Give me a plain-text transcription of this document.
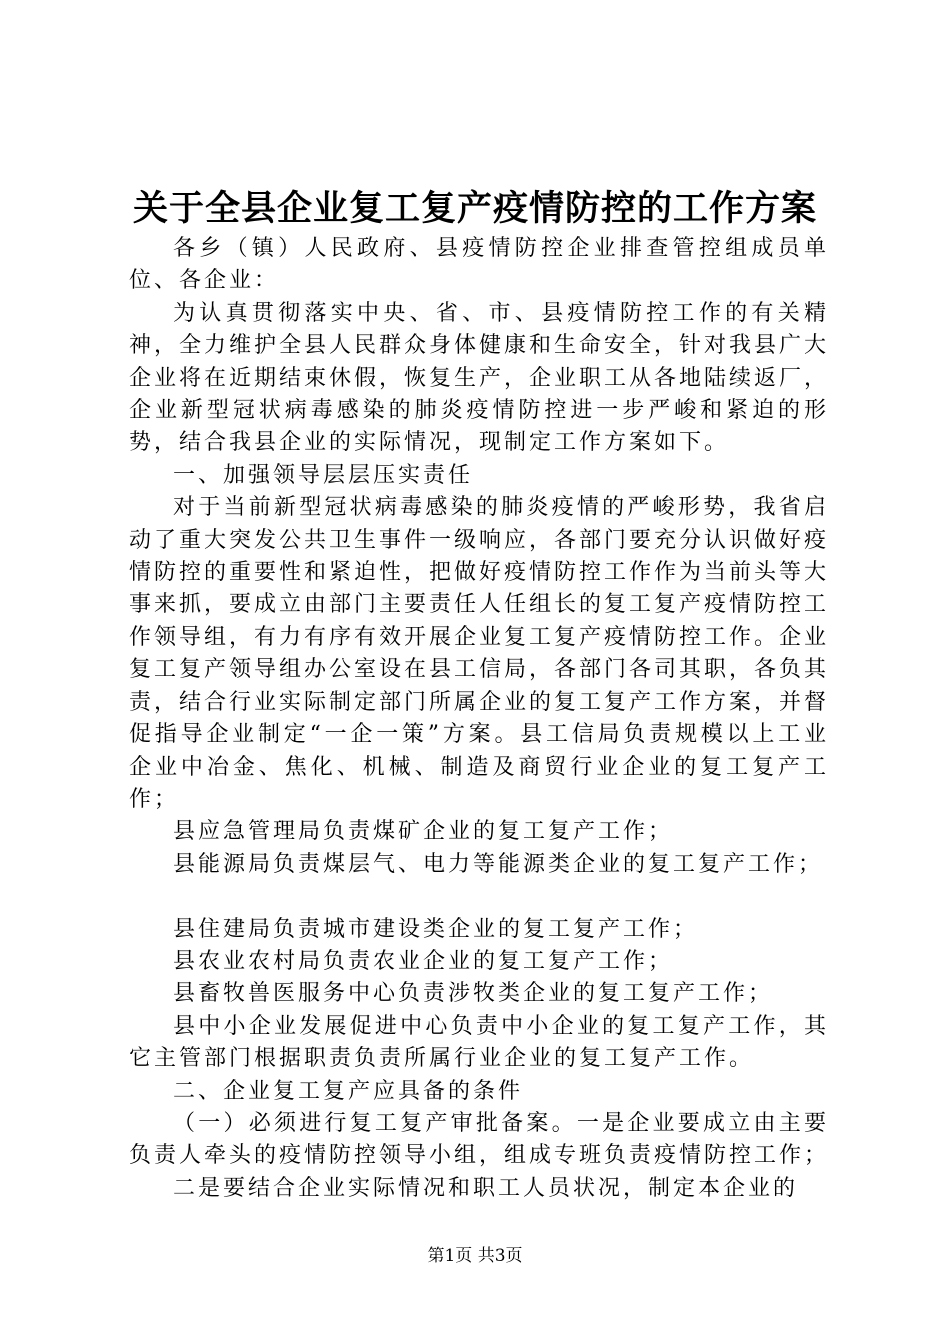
关于全县企业复工复产疫情防控的工作方案

各乡（镇）人民政府、县疫情防控企业排查管控组成员单位、各企业：

为认真贯彻落实中央、省、市、县疫情防控工作的有关精神，全力维护全县人民群众身体健康和生命安全，针对我县广大企业将在近期结束休假，恢复生产，企业职工从各地陆续返厂，企业新型冠状病毒感染的肺炎疫情防控进一步严峻和紧迫的形势，结合我县企业的实际情况，现制定工作方案如下。

一、加强领导层层压实责任

对于当前新型冠状病毒感染的肺炎疫情的严峻形势，我省启动了重大突发公共卫生事件一级响应，各部门要充分认识做好疫情防控的重要性和紧迫性，把做好疫情防控工作作为当前头等大事来抓，要成立由部门主要责任人任组长的复工复产疫情防控工作领导组，有力有序有效开展企业复工复产疫情防控工作。企业复工复产领导组办公室设在县工信局，各部门各司其职，各负其责，结合行业实际制定部门所属企业的复工复产工作方案，并督促指导企业制定“一企一策”方案。县工信局负责规模以上工业企业中冶金、焦化、机械、制造及商贸行业企业的复工复产工作；

县应急管理局负责煤矿企业的复工复产工作；

县能源局负责煤层气、电力等能源类企业的复工复产工作；

县住建局负责城市建设类企业的复工复产工作；

县农业农村局负责农业企业的复工复产工作；

县畜牧兽医服务中心负责涉牧类企业的复工复产工作；

县中小企业发展促进中心负责中小企业的复工复产工作，其它主管部门根据职责负责所属行业企业的复工复产工作。

二、企业复工复产应具备的条件

（一）必须进行复工复产审批备案。一是企业要成立由主要负责人牵头的疫情防控领导小组，组成专班负责疫情防控工作；

二是要结合企业实际情况和职工人员状况，制定本企业的

第1页 共3页
